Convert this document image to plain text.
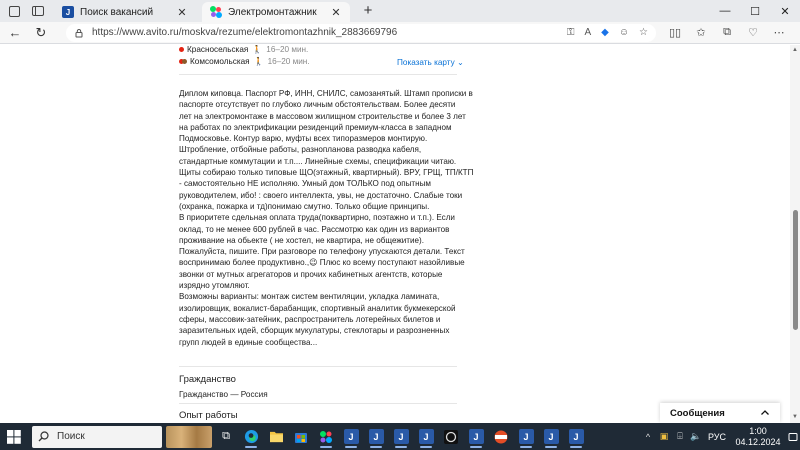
J Поиск вакансий	✕	Электромонтажник	✕ +	—	☐	✕
←	↻	https://www.avito.ru/moskva/rezume/elektromontazhnik_2883669796	⚿ A ◆ ☺ ☆	▯▯	✩	⧉	♡	⋯
Красносельская 🚶 16–20 мин.
Комсомольская 🚶 16–20 мин.	Показать карту ⌄

Диплом киповца. Паспорт РФ, ИНН, СНИЛС, самозанятый. Штамп прописки в

паспорте отсутствует по глубоко личным обстоятельствам. Более десяти

лет на электромонтаже в массовом жилищном строительстве и более 3 лет

на работах по электрификации резиденций премиум-класса в западном

Подмосковье. Контур варю, муфты всех типоразмеров монтирую.

Штробление, отбойные работы, разнопланова разводка кабеля,

стандартные коммутации и т.п.... Линейные схемы, спецификации читаю.

Щиты собираю только типовые ЩО(этажный, квартирный). ВРУ, ГРЩ, ТП/КТП

- самостоятельно НЕ исполняю. Умный дом ТОЛЬКО под опытным

руководителем, ибо! : своего интеллекта, увы, не достаточно. Слабые токи

(охранка, пожарка и тд)понимаю смутно. Только общие принципы.

В приоритете сдельная оплата труда(поквартирно, поэтажно и т.п.). Если

оклад, то не менее 600 рублей в час. Рассмотрю как один из вариантов

проживание на обьекте ( не хостел, не квартира, не общежитие).

Пожалуйста, пишите. При разговоре по телефону упускаются детали. Текст

воспринимаю более продуктивно.,😉 Плюс ко всему поступают назойливые

звонки от мутных агрегаторов и прочих кабинетных агентств, которые

изрядно утомляют.

Возможны варианты: монтаж систем вентиляции, укладка ламината,

изолировщик, вокалист-барабанщик, спортивный аналитик букмекерской

сферы, массовик-затейник, распространитель лотерейных билетов и

заразительных идей, сборщик мукулатуры, стеклотары и разрозненных

групп людей в единые сообщества...

Гражданство
Гражданство — Россия
Опыт работы
▲
▼
Сообщения
Поиск	⧉	J	J	J	J	J	J	J	J	^	▣	⌹ 🔈 РУС
1:00
04.12.2024
